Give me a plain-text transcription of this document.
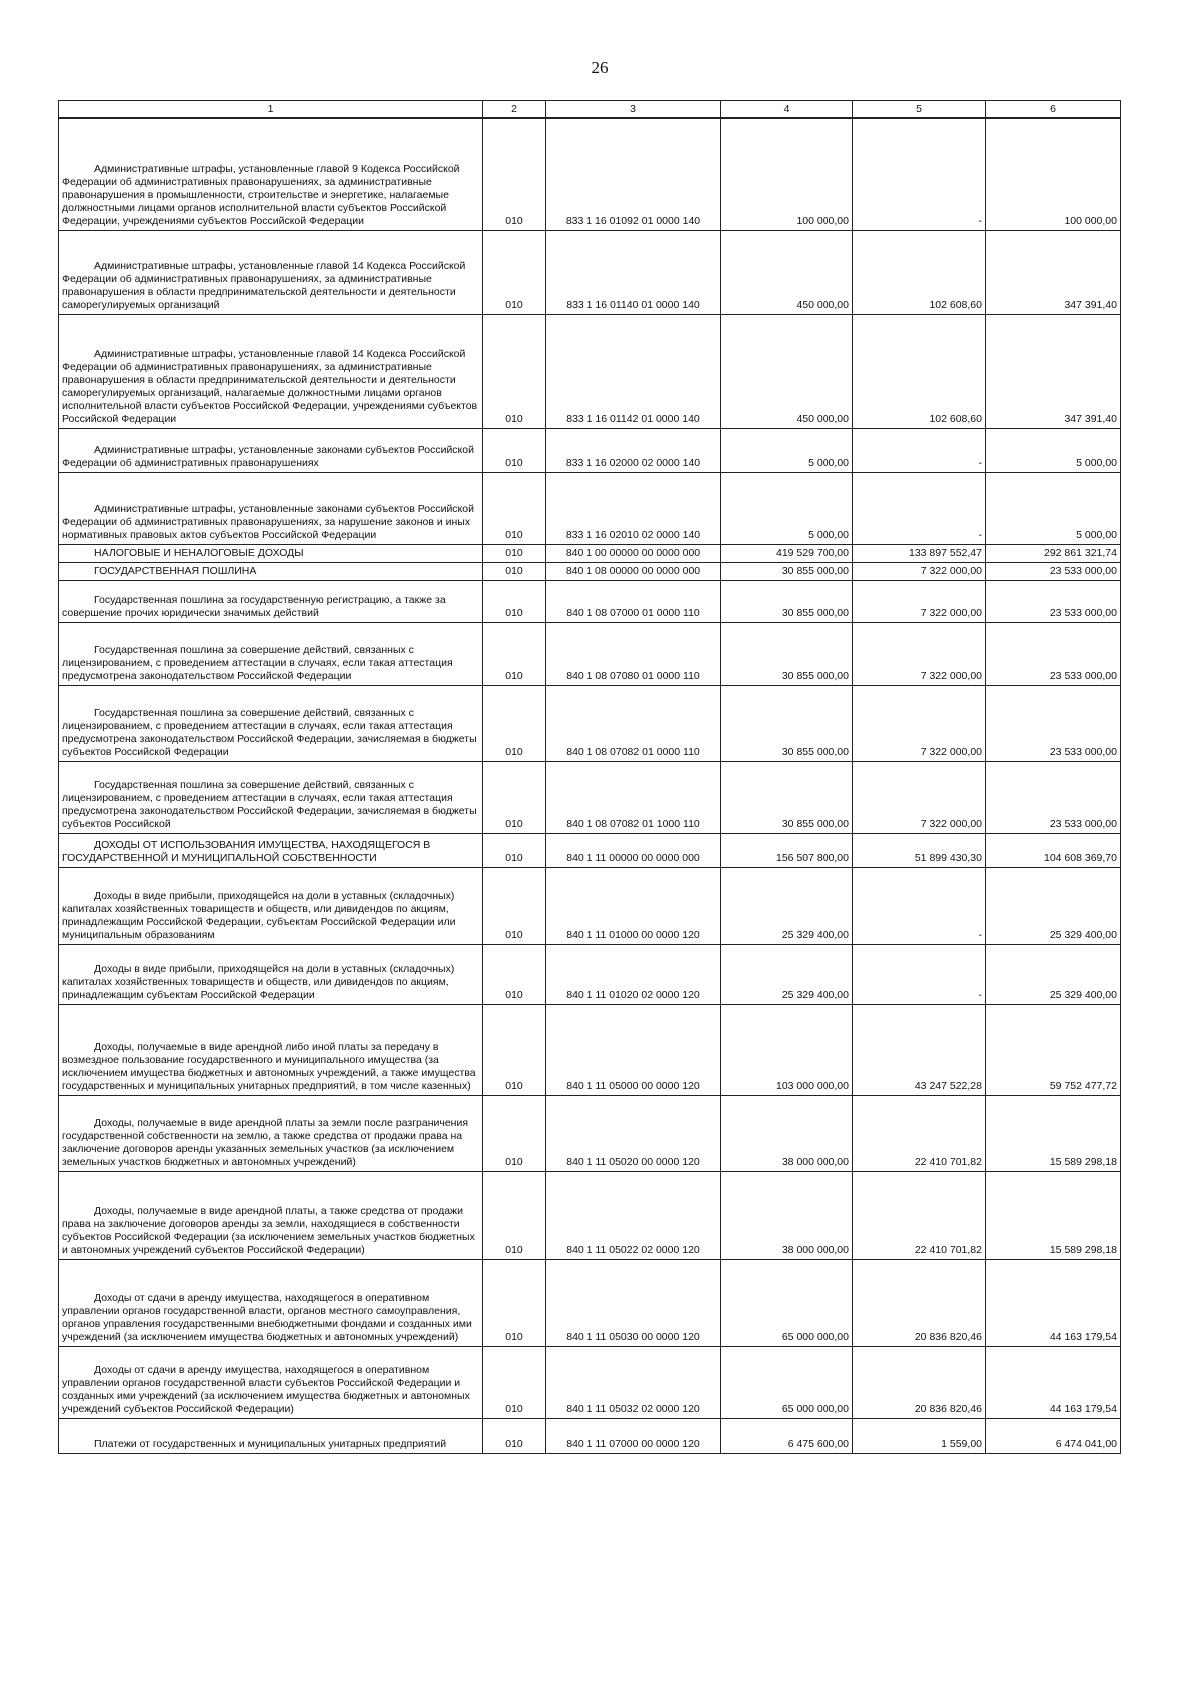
26
1	2	3	4	5	6
Административные штрафы, установленные главой 9 Кодекса Российской Федерации об административных правонарушениях, за административные правонарушения в промышленности, строительстве и энергетике, налагаемые должностными лицами органов исполнительной власти субъектов Российской Федерации, учреждениями субъектов Российской Федерации	010	833 1 16 01092 01 0000 140	100 000,00	-	100 000,00
Административные штрафы, установленные главой 14 Кодекса Российской Федерации об административных правонарушениях, за административные правонарушения в области предпринимательской деятельности и деятельности саморегулируемых организаций	010	833 1 16 01140 01 0000 140	450 000,00	102 608,60	347 391,40
Административные штрафы, установленные главой 14 Кодекса Российской Федерации об административных правонарушениях, за административные правонарушения в области предпринимательской деятельности и деятельности саморегулируемых организаций, налагаемые должностными лицами органов исполнительной власти субъектов Российской Федерации, учреждениями субъектов Российской Федерации	010	833 1 16 01142 01 0000 140	450 000,00	102 608,60	347 391,40
Административные штрафы, установленные законами субъектов Российской Федерации об административных правонарушениях	010	833 1 16 02000 02 0000 140	5 000,00	-	5 000,00
Административные штрафы, установленные законами субъектов Российской Федерации об административных правонарушениях, за нарушение законов и иных нормативных правовых актов субъектов Российской Федерации	010	833 1 16 02010 02 0000 140	5 000,00	-	5 000,00
НАЛОГОВЫЕ И НЕНАЛОГОВЫЕ ДОХОДЫ	010	840 1 00 00000 00 0000 000	419 529 700,00	133 897 552,47	292 861 321,74
ГОСУДАРСТВЕННАЯ ПОШЛИНА	010	840 1 08 00000 00 0000 000	30 855 000,00	7 322 000,00	23 533 000,00
Государственная пошлина за государственную регистрацию, а также за совершение прочих юридически значимых действий	010	840 1 08 07000 01 0000 110	30 855 000,00	7 322 000,00	23 533 000,00
Государственная пошлина за совершение действий, связанных с лицензированием, с проведением аттестации в случаях, если такая аттестация предусмотрена законодательством Российской Федерации	010	840 1 08 07080 01 0000 110	30 855 000,00	7 322 000,00	23 533 000,00
Государственная пошлина за совершение действий, связанных с лицензированием, с проведением аттестации в случаях, если такая аттестация предусмотрена законодательством Российской Федерации, зачисляемая в бюджеты субъектов Российской Федерации	010	840 1 08 07082 01 0000 110	30 855 000,00	7 322 000,00	23 533 000,00
Государственная пошлина за совершение действий, связанных с лицензированием, с проведением аттестации в случаях, если такая аттестация предусмотрена законодательством Российской Федерации, зачисляемая в бюджеты субъектов Российской	010	840 1 08 07082 01 1000 110	30 855 000,00	7 322 000,00	23 533 000,00
ДОХОДЫ ОТ ИСПОЛЬЗОВАНИЯ ИМУЩЕСТВА, НАХОДЯЩЕГОСЯ В ГОСУДАРСТВЕННОЙ И МУНИЦИПАЛЬНОЙ СОБСТВЕННОСТИ	010	840 1 11 00000 00 0000 000	156 507 800,00	51 899 430,30	104 608 369,70
Доходы в виде прибыли, приходящейся на доли в уставных (складочных) капиталах хозяйственных товариществ и обществ, или дивидендов по акциям, принадлежащим Российской Федерации, субъектам Российской Федерации или муниципальным образованиям	010	840 1 11 01000 00 0000 120	25 329 400,00	-	25 329 400,00
Доходы в виде прибыли, приходящейся на доли в уставных (складочных) капиталах хозяйственных товариществ и обществ, или дивидендов по акциям, принадлежащим субъектам Российской Федерации	010	840 1 11 01020 02 0000 120	25 329 400,00	-	25 329 400,00
Доходы, получаемые в виде арендной либо иной платы за передачу в возмездное пользование государственного и муниципального имущества (за исключением имущества бюджетных и автономных учреждений, а также имущества государственных и муниципальных унитарных предприятий, в том числе казенных)	010	840 1 11 05000 00 0000 120	103 000 000,00	43 247 522,28	59 752 477,72
Доходы, получаемые в виде арендной платы за земли после разграничения государственной собственности на землю, а также средства от продажи права на заключение договоров аренды указанных земельных участков (за исключением земельных участков бюджетных и автономных учреждений)	010	840 1 11 05020 00 0000 120	38 000 000,00	22 410 701,82	15 589 298,18
Доходы, получаемые в виде арендной платы, а также средства от продажи права на заключение договоров аренды за земли, находящиеся в собственности субъектов Российской Федерации (за исключением земельных участков бюджетных и автономных учреждений субъектов Российской Федерации)	010	840 1 11 05022 02 0000 120	38 000 000,00	22 410 701,82	15 589 298,18
Доходы от сдачи в аренду имущества, находящегося в оперативном управлении органов государственной власти, органов местного самоуправления, органов управления государственными внебюджетными фондами и созданных ими учреждений (за исключением имущества бюджетных и автономных учреждений)	010	840 1 11 05030 00 0000 120	65 000 000,00	20 836 820,46	44 163 179,54
Доходы от сдачи в аренду имущества, находящегося в оперативном управлении органов государственной власти субъектов Российской Федерации и созданных ими учреждений (за исключением имущества бюджетных и автономных учреждений субъектов Российской Федерации)	010	840 1 11 05032 02 0000 120	65 000 000,00	20 836 820,46	44 163 179,54
Платежи от государственных и муниципальных унитарных предприятий	010	840 1 11 07000 00 0000 120	6 475 600,00	1 559,00	6 474 041,00
